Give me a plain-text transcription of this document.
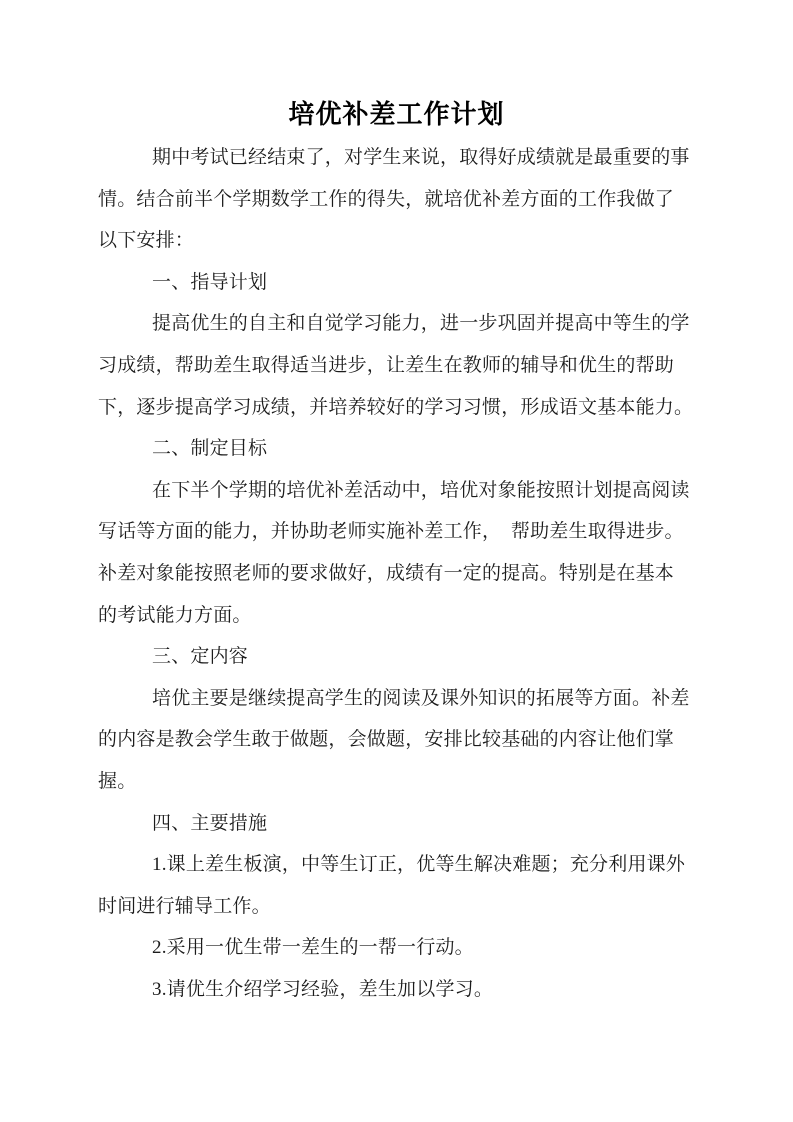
培优补差工作计划
期中考试已经结束了，对学生来说，取得好成绩就是最重要的事
情。结合前半个学期数学工作的得失，就培优补差方面的工作我做了
以下安排：
一、指导计划
提高优生的自主和自觉学习能力，进一步巩固并提高中等生的学
习成绩，帮助差生取得适当进步，让差生在教师的辅导和优生的帮助
下，逐步提高学习成绩，并培养较好的学习习惯，形成语文基本能力。
二、制定目标
在下半个学期的培优补差活动中，培优对象能按照计划提高阅读
写话等方面的能力，并协助老师实施补差工作，　帮助差生取得进步。
补差对象能按照老师的要求做好，成绩有一定的提高。特别是在基本
的考试能力方面。
三、定内容
培优主要是继续提高学生的阅读及课外知识的拓展等方面。补差
的内容是教会学生敢于做题，会做题，安排比较基础的内容让他们掌
握。
四、主要措施
1.课上差生板演，中等生订正，优等生解决难题；充分利用课外
时间进行辅导工作。
2.采用一优生带一差生的一帮一行动。
3.请优生介绍学习经验，差生加以学习。
